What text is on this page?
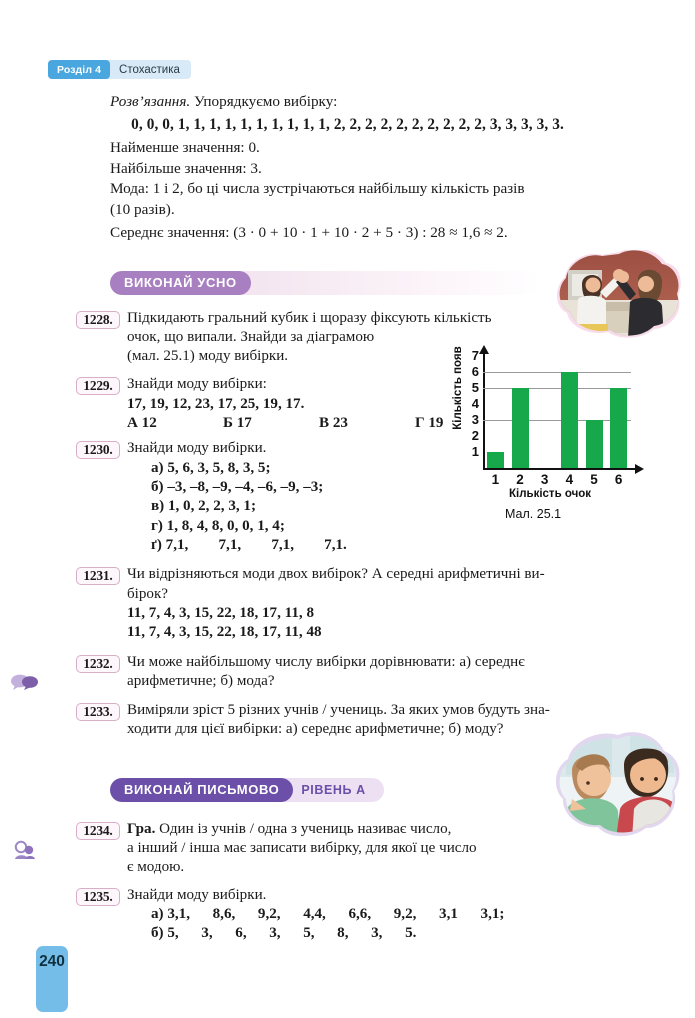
Розділ 4	Стохастика
Розв’язання. Упорядкуємо вибірку:
0, 0, 0, 1, 1, 1, 1, 1, 1, 1, 1, 1, 1, 2, 2, 2, 2, 2, 2, 2, 2, 2, 2, 3, 3, 3, 3, 3.
Найменше значення: 0.
Найбільше значення: 3.
Мода: 1 і 2, бо ці числа зустрічаються найбільшу кількість разів
(10 разів).
Середнє значення: (3 · 0 + 10 · 1 + 10 · 2 + 5 · 3) : 28 ≈ 1,6 ≈ 2.
ВИКОНАЙ УСНО
1228. Підкидають гральний кубик і щоразу фіксують кількість
очок, що випали. Знайди за діаграмою
(мал. 25.1) моду вибірки.
1229. Знайди моду вибірки:
17, 19, 12, 23, 17, 25, 19, 17.
А 12	Б 17	В 23	Г 19
1230. Знайди моду вибірки.
а) 5, 6, 3, 5, 8, 3, 5;
б) –3, –8, –9, –4, –6, –9, –3;
в) 1, 0, 2, 2, 3, 1;
г) 1, 8, 4, 8, 0, 0, 1, 4;
ґ) 7,1,        7,1,        7,1,        7,1.
1231. Чи відрізняються моди двох вибірок? А середні арифметичні ви-
бірок?
11, 7, 4, 3, 15, 22, 18, 17, 11, 8
11, 7, 4, 3, 15, 22, 18, 17, 11, 48
1232. Чи може найбільшому числу вибірки дорівнювати: а) середнє
арифметичне; б) мода?
1233. Виміряли зріст 5 різних учнів / учениць. За яких умов будуть зна-
ходити для цієї вибірки: а) середнє арифметичне; б) моду?
ВИКОНАЙ ПИСЬМОВО	РІВЕНЬ А
1234. Гра. Один із учнів / одна з учениць називає число,
а інший / інша має записати вибірку, для якої це число
є модою.
1235. Знайди моду вибірки.
а) 3,1,      8,6,      9,2,      4,4,      6,6,      9,2,      3,1      3,1;
б) 5,      3,      6,      3,      5,      8,      3,      5.
Кількість появ
1
2
3
4
5
6
7
Кількість очок
Мал. 25.1
1	2	3	4	5	6
240
